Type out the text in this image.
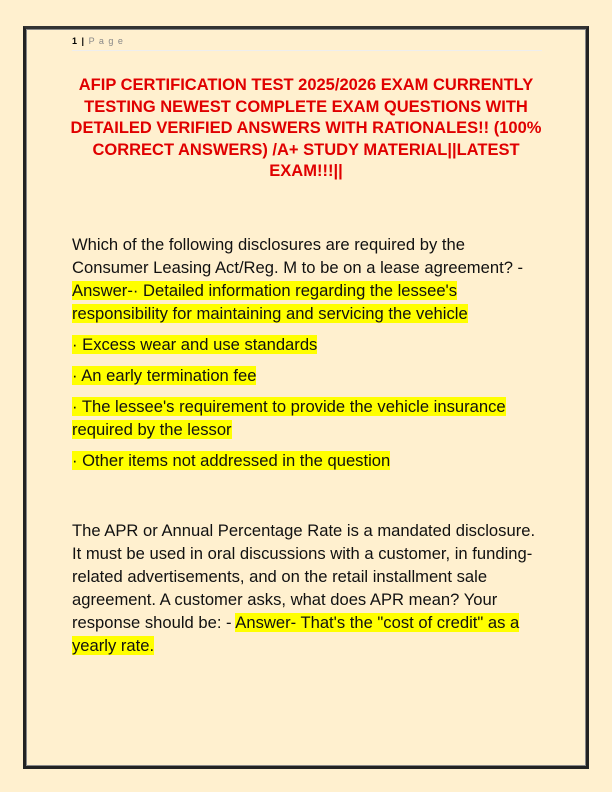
1 | P a g e
AFIP CERTIFICATION TEST 2025/2026 EXAM CURRENTLY TESTING NEWEST COMPLETE EXAM QUESTIONS WITH DETAILED VERIFIED ANSWERS WITH RATIONALES!! (100% CORRECT ANSWERS) /A+ STUDY MATERIAL||LATEST EXAM!!!||

Which of the following disclosures are required by the Consumer Leasing Act/Reg. M to be on a lease agreement? - Answer-· Detailed information regarding the lessee's responsibility for maintaining and servicing the vehicle

· Excess wear and use standards

· An early termination fee

· The lessee's requirement to provide the vehicle insurance required by the lessor

· Other items not addressed in the question

The APR or Annual Percentage Rate is a mandated disclosure. It must be used in oral discussions with a customer, in funding-related advertisements, and on the retail installment sale agreement. A customer asks, what does APR mean? Your response should be: - Answer- That's the "cost of credit" as a yearly rate.
